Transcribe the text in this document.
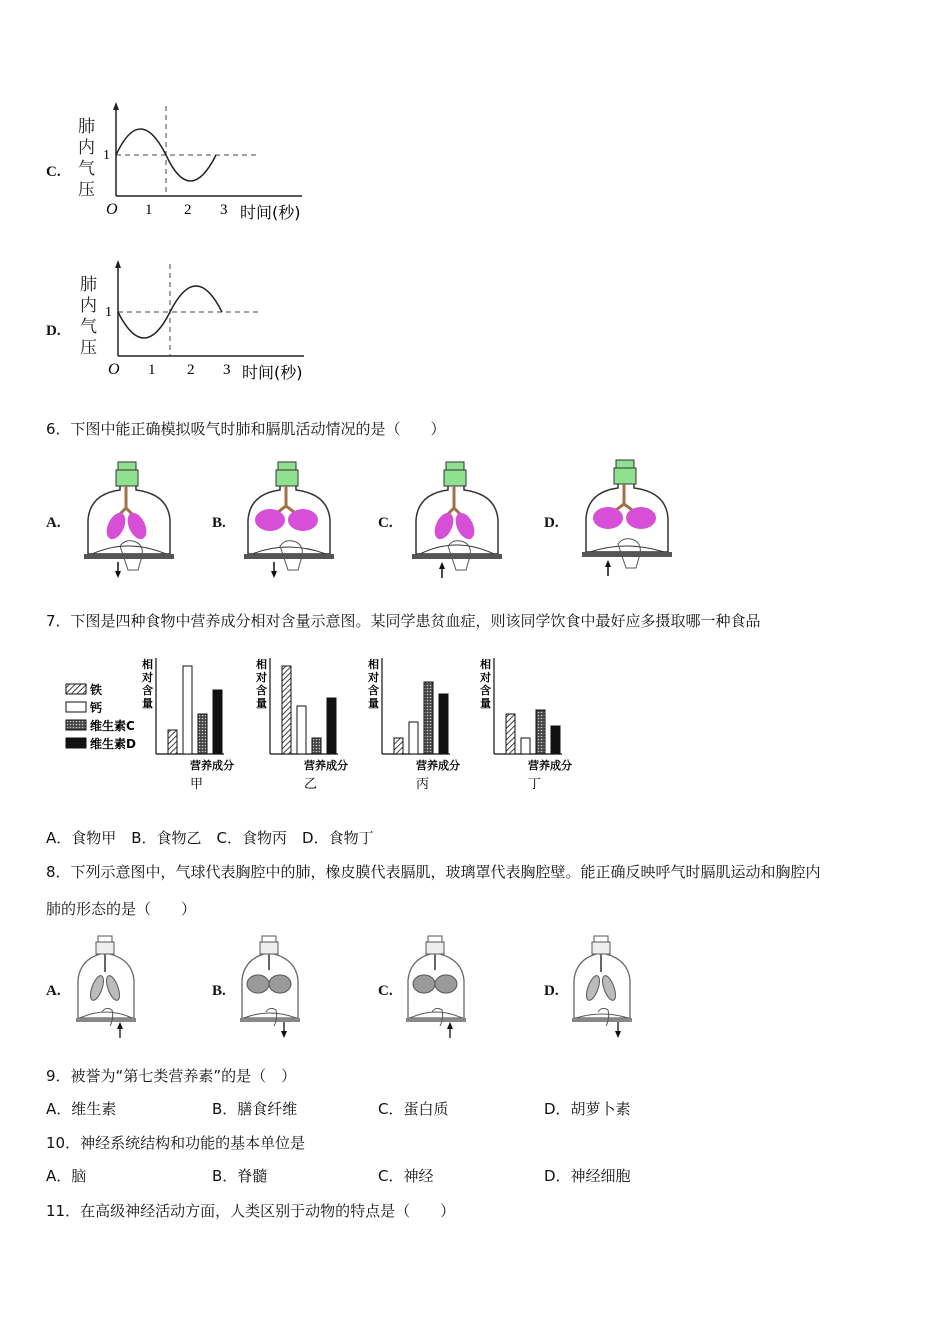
C.
肺
内
气
压
1
O 1 2 3 时间(秒)
D.
肺
内
气
压
1
O 1 2 3 时间(秒)
6．下图中能正确模拟吸气时肺和膈肌活动情况的是（　　）
A.	B.	C.	D.
7．下图是四种食物中营养成分相对含量示意图。某同学患贫血症，则该同学饮食中最好应多摄取哪一种食品
铁
钙
维生素C
维生素D
相
对
含
量
营养成分
甲
相
对
含
量
营养成分
乙
相
对
含
量
营养成分
丙
相
对
含
量
营养成分
丁
A．食物甲　B．食物乙　C．食物丙　D．食物丁
8．下列示意图中，气球代表胸腔中的肺，橡皮膜代表膈肌，玻璃罩代表胸腔壁。能正确反映呼气时膈肌运动和胸腔内
肺的形态的是（　　）
A.	B.	C.	D.
9．被誉为“第七类营养素”的是（　）
A．维生素	B．膳食纤维	C．蛋白质	D．胡萝卜素
10．神经系统结构和功能的基本单位是
A．脑	B．脊髓	C．神经	D．神经细胞
11．在高级神经活动方面，人类区别于动物的特点是（　　）
